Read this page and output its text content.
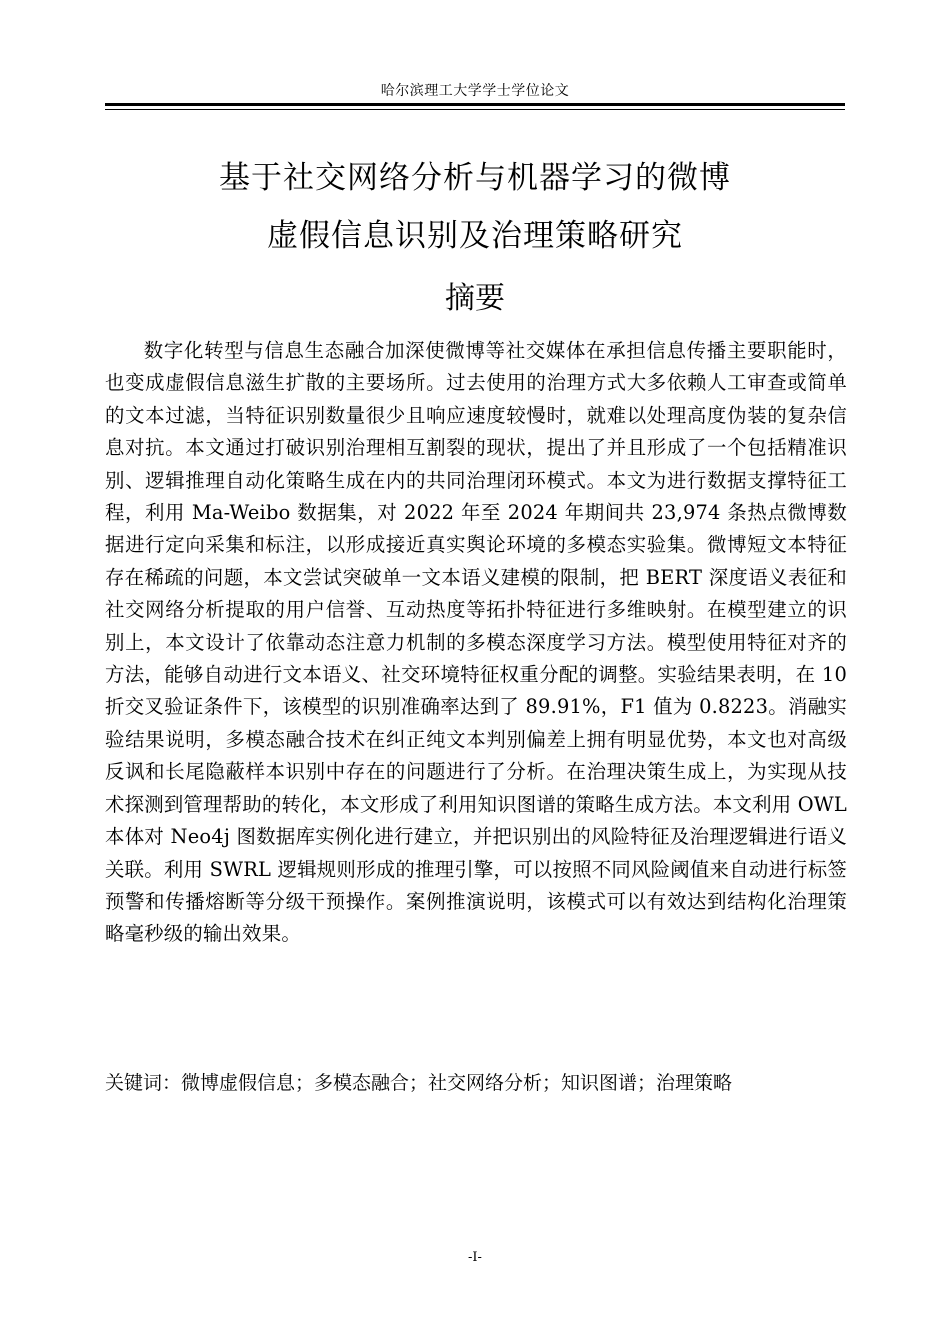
哈尔滨理工大学学士学位论文
基于社交网络分析与机器学习的微博
虚假信息识别及治理策略研究
摘要
数字化转型与信息生态融合加深使微博等社交媒体在承担信息传播主要职能时，也变成虚假信息滋生扩散的主要场所。过去使用的治理方式大多依赖人工审查或简单的文本过滤，当特征识别数量很少且响应速度较慢时，就难以处理高度伪装的复杂信息对抗。本文通过打破识别治理相互割裂的现状，提出了并且形成了一个包括精准识别、逻辑推理自动化策略生成在内的共同治理闭环模式。本文为进行数据支撑特征工程，利用 Ma-Weibo 数据集，对 2022 年至 2024 年期间共 23,974 条热点微博数据进行定向采集和标注，以形成接近真实舆论环境的多模态实验集。微博短文本特征存在稀疏的问题，本文尝试突破单一文本语义建模的限制，把 BERT 深度语义表征和社交网络分析提取的用户信誉、互动热度等拓扑特征进行多维映射。在模型建立的识别上，本文设计了依靠动态注意力机制的多模态深度学习方法。模型使用特征对齐的方法，能够自动进行文本语义、社交环境特征权重分配的调整。实验结果表明，在 10 折交叉验证条件下，该模型的识别准确率达到了 89.91%，F1 值为 0.8223。消融实验结果说明，多模态融合技术在纠正纯文本判别偏差上拥有明显优势，本文也对高级反讽和长尾隐蔽样本识别中存在的问题进行了分析。在治理决策生成上，为实现从技术探测到管理帮助的转化，本文形成了利用知识图谱的策略生成方法。本文利用 OWL 本体对 Neo4j 图数据库实例化进行建立，并把识别出的风险特征及治理逻辑进行语义关联。利用 SWRL 逻辑规则形成的推理引擎，可以按照不同风险阈值来自动进行标签预警和传播熔断等分级干预操作。案例推演说明，该模式可以有效达到结构化治理策略毫秒级的输出效果。
关键词：微博虚假信息；多模态融合；社交网络分析；知识图谱；治理策略
-I-
